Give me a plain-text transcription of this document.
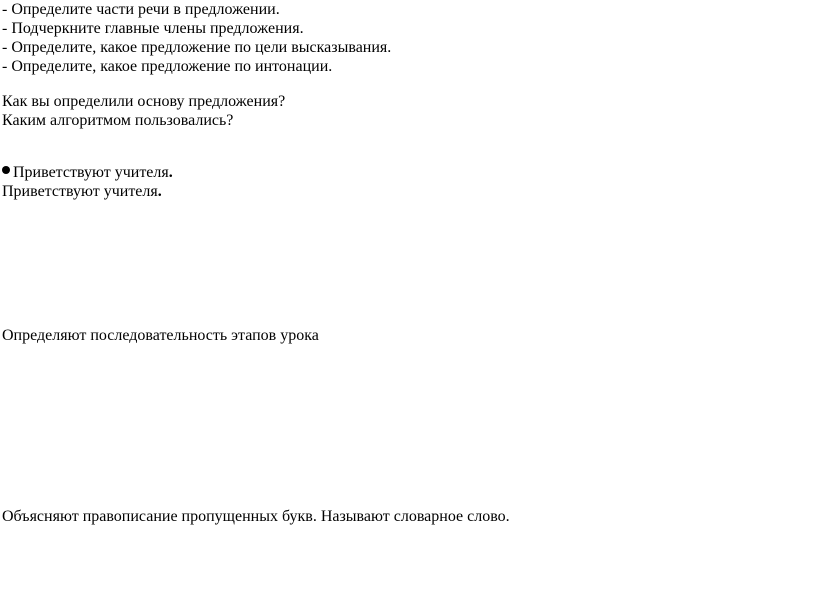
- Определите части речи в предложении.
- Подчеркните главные члены предложения.
- Определите, какое предложение по цели высказывания.
- Определите, какое предложение по интонации.
Как вы определили основу предложения?
Каким алгоритмом пользовались?
Приветствуют учителя.
Приветствуют учителя.
Определяют последовательность этапов урока
Объясняют правописание пропущенных букв. Называют словарное слово.
